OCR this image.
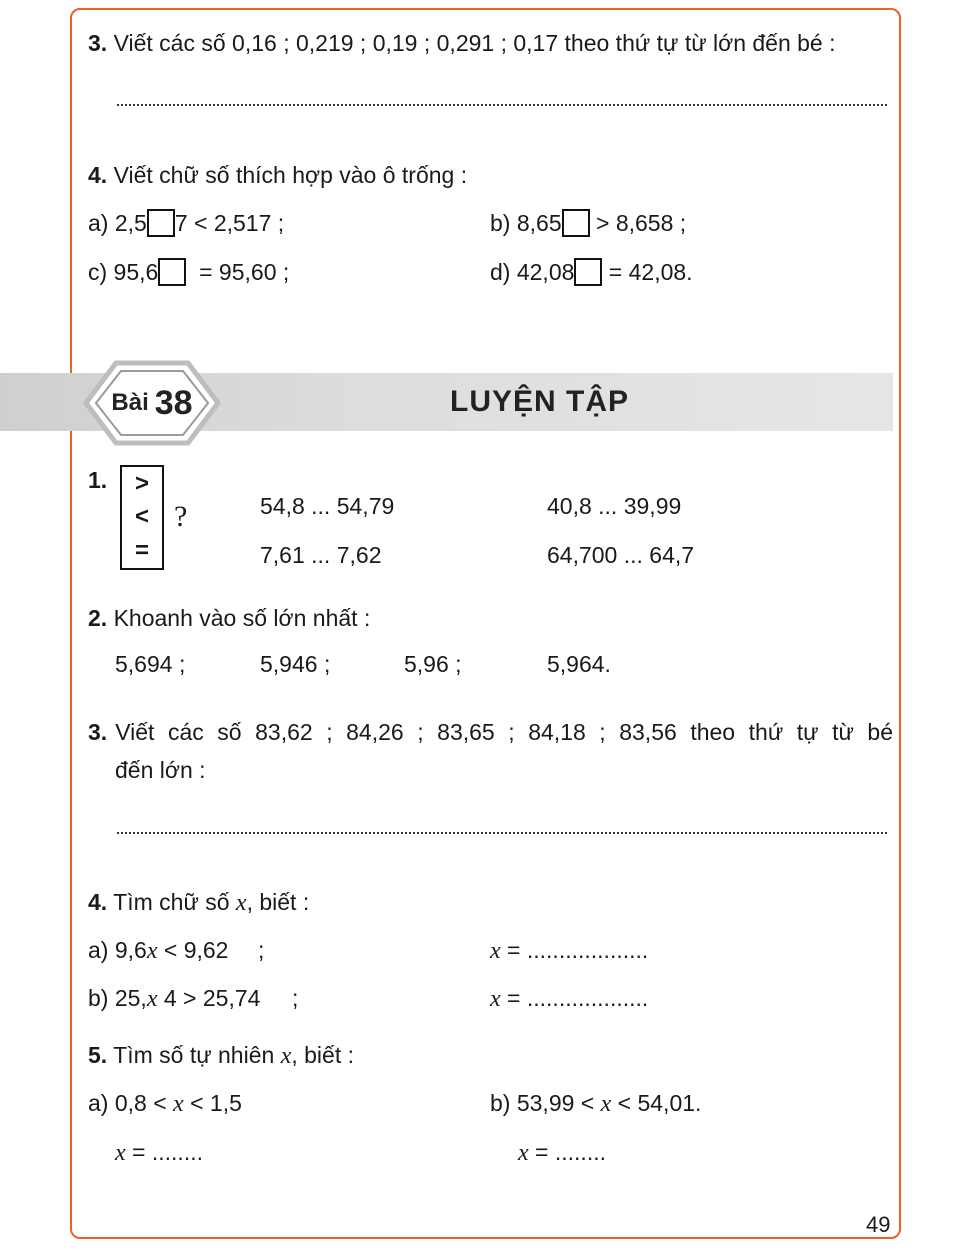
3. Viết các số 0,16 ; 0,219 ; 0,19 ; 0,291 ; 0,17 theo thứ tự từ lớn đến bé :
4. Viết chữ số thích hợp vào ô trống :
a) 2,5 7 < 2,517 ;	b) 8,65 > 8,658 ;
c) 95,6 = 95,60 ;	d) 42,08 = 42,08.
Bài 38	LUYỆN TẬP
1. >
<
=
?	54,8 ... 54,79	40,8 ... 39,99
7,61 ... 7,62	64,700 ... 64,7
2. Khoanh vào số lớn nhất :
5,694 ;	5,946 ;	5,96 ;	5,964.
3. Viết các số 83,62 ; 84,26 ; 83,65 ; 84,18 ; 83,56 theo thứ tự từ bé
đến lớn :
4. Tìm chữ số x, biết :
a) 9,6x < 9,62 ;	x = ...................
b) 25,x 4 > 25,74 ;	x = ...................
5. Tìm số tự nhiên x, biết :
a) 0,8 < x < 1,5	b) 53,99 < x < 54,01.
x = ........	x = ........
49
